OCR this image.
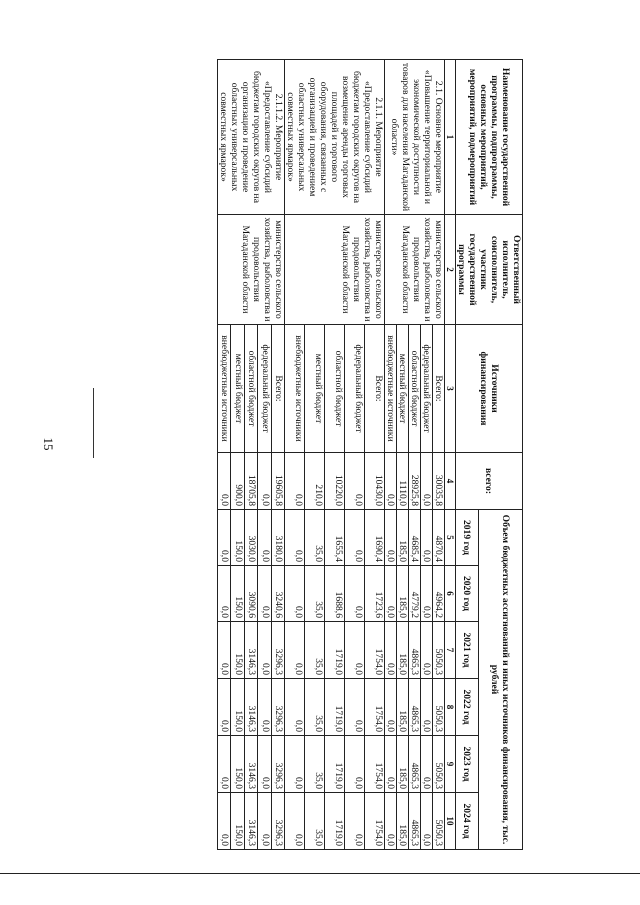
15
Наименование государственной программы, подпрограммы, основных мероприятий, мероприятий, подмероприятий	Ответственный исполнитель, соисполнитель, участник государственной программы	Источники финансирования	всего:	Объем бюджетных ассигнований и иных источников финансирования, тыс. рублей					
				2019 год	2020 год	2021 год	2022 год	2023 год	2024 год
1	2	3	4	5	6	7	8	9	10
2.1. Основное мероприятие «Повышение территориальной и экономической доступности товаров для населения Магаданской области»	министерство сельского хозяйства, рыболовства и продовольствия Магаданской области	Всего:	30035,8	4870,4	4964,2	5050,3	5050,3	5050,3	5050,3
		федеральный бюджет	0,0	0,0	0,0	0,0	0,0	0,0	0,0
		областной бюджет	28925,8	4685,4	4779,2	4865,3	4865,3	4865,3	4865,3
		местный бюджет	1110,0	185,0	185,0	185,0	185,0	185,0	185,0
		внебюджетные источники	0,0	0,0	0,0	0,0	0,0	0,0	0,0
2.1.1. Мероприятие «Предоставление субсидий бюджетам городских округов на возмещение аренды торговых площадей и торгового оборудования, связанных с организацией и проведением областных универсальных совместных ярмарок»	министерство сельского хозяйства, рыболовства и продовольствия Магаданской области	Всего:	10430,0	1690,4	1723,6	1754,0	1754,0	1754,0	1754,0
		федеральный бюджет	0,0	0,0	0,0	0,0	0,0	0,0	0,0
		областной бюджет	10220,0	1655,4	1688,6	1719,0	1719,0	1719,0	1719,0
		местный бюджет	210,0	35,0	35,0	35,0	35,0	35,0	35,0
		внебюджетные источники	0,0	0,0	0,0	0,0	0,0	0,0	0,0
2.1.1.2. Мероприятие «Предоставление субсидий бюджетам городских округов на организацию и проведение областных универсальных совместных ярмарок»	министерство сельского хозяйства, рыболовства и продовольствия Магаданской области	Всего:	19605,8	3180,0	3240,6	3296,3	3296,3	3296,3	3296,3
		федеральный бюджет	0,0	0,0	0,0	0,0	0,0	0,0	0,0
		областной бюджет	18705,8	3030,0	3090,6	3146,3	3146,3	3146,3	3146,3
		местный бюджет	900,0	150,0	150,0	150,0	150,0	150,0	150,0
		внебюджетные источники	0,0	0,0	0,0	0,0	0,0	0,0	0,0
